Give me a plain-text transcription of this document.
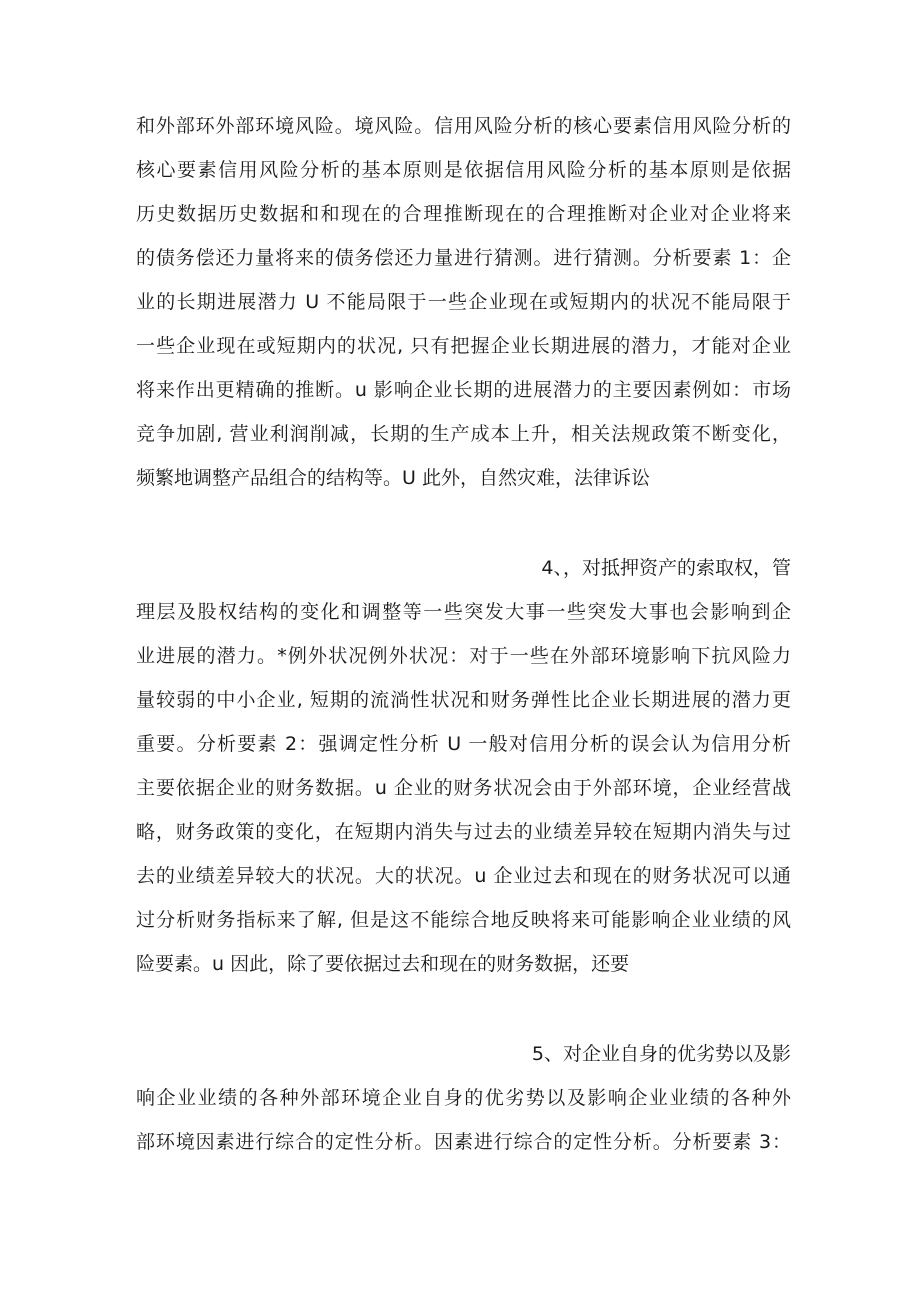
和外部环外部环境风险。境风险。信用风险分析的核心要素信用风险分析的
核心要素信用风险分析的基本原则是依据信用风险分析的基本原则是依据
历史数据历史数据和和现在的合理推断现在的合理推断对企业对企业将来
的债务偿还力量将来的债务偿还力量进行猜测。进行猜测。分析要素 1：企
业的长期进展潜力 U 不能局限于一些企业现在或短期内的状况不能局限于
一些企业现在或短期内的状况, 只有把握企业长期进展的潜力，才能对企业
将来作出更精确的推断。u 影响企业长期的进展潜力的主要因素例如：市场
竞争加剧, 营业利润削减，长期的生产成本上升，相关法规政策不断变化，
频繁地调整产品组合的结构等。U 此外，自然灾难，法律诉讼
4、，对抵押资产的索取权，管
理层及股权结构的变化和调整等一些突发大事一些突发大事也会影响到企
业进展的潜力。*例外状况例外状况：对于一些在外部环境影响下抗风险力
量较弱的中小企业, 短期的流淌性状况和财务弹性比企业长期进展的潜力更
重要。分析要素 2：强调定性分析 U 一般对信用分析的误会认为信用分析
主要依据企业的财务数据。u 企业的财务状况会由于外部环境，企业经营战
略，财务政策的变化，在短期内消失与过去的业绩差异较在短期内消失与过
去的业绩差异较大的状况。大的状况。u 企业过去和现在的财务状况可以通
过分析财务指标来了解, 但是这不能综合地反映将来可能影响企业业绩的风
险要素。u 因此，除了要依据过去和现在的财务数据，还要
5、对企业自身的优劣势以及影
响企业业绩的各种外部环境企业自身的优劣势以及影响企业业绩的各种外
部环境因素进行综合的定性分析。因素进行综合的定性分析。分析要素 3：
